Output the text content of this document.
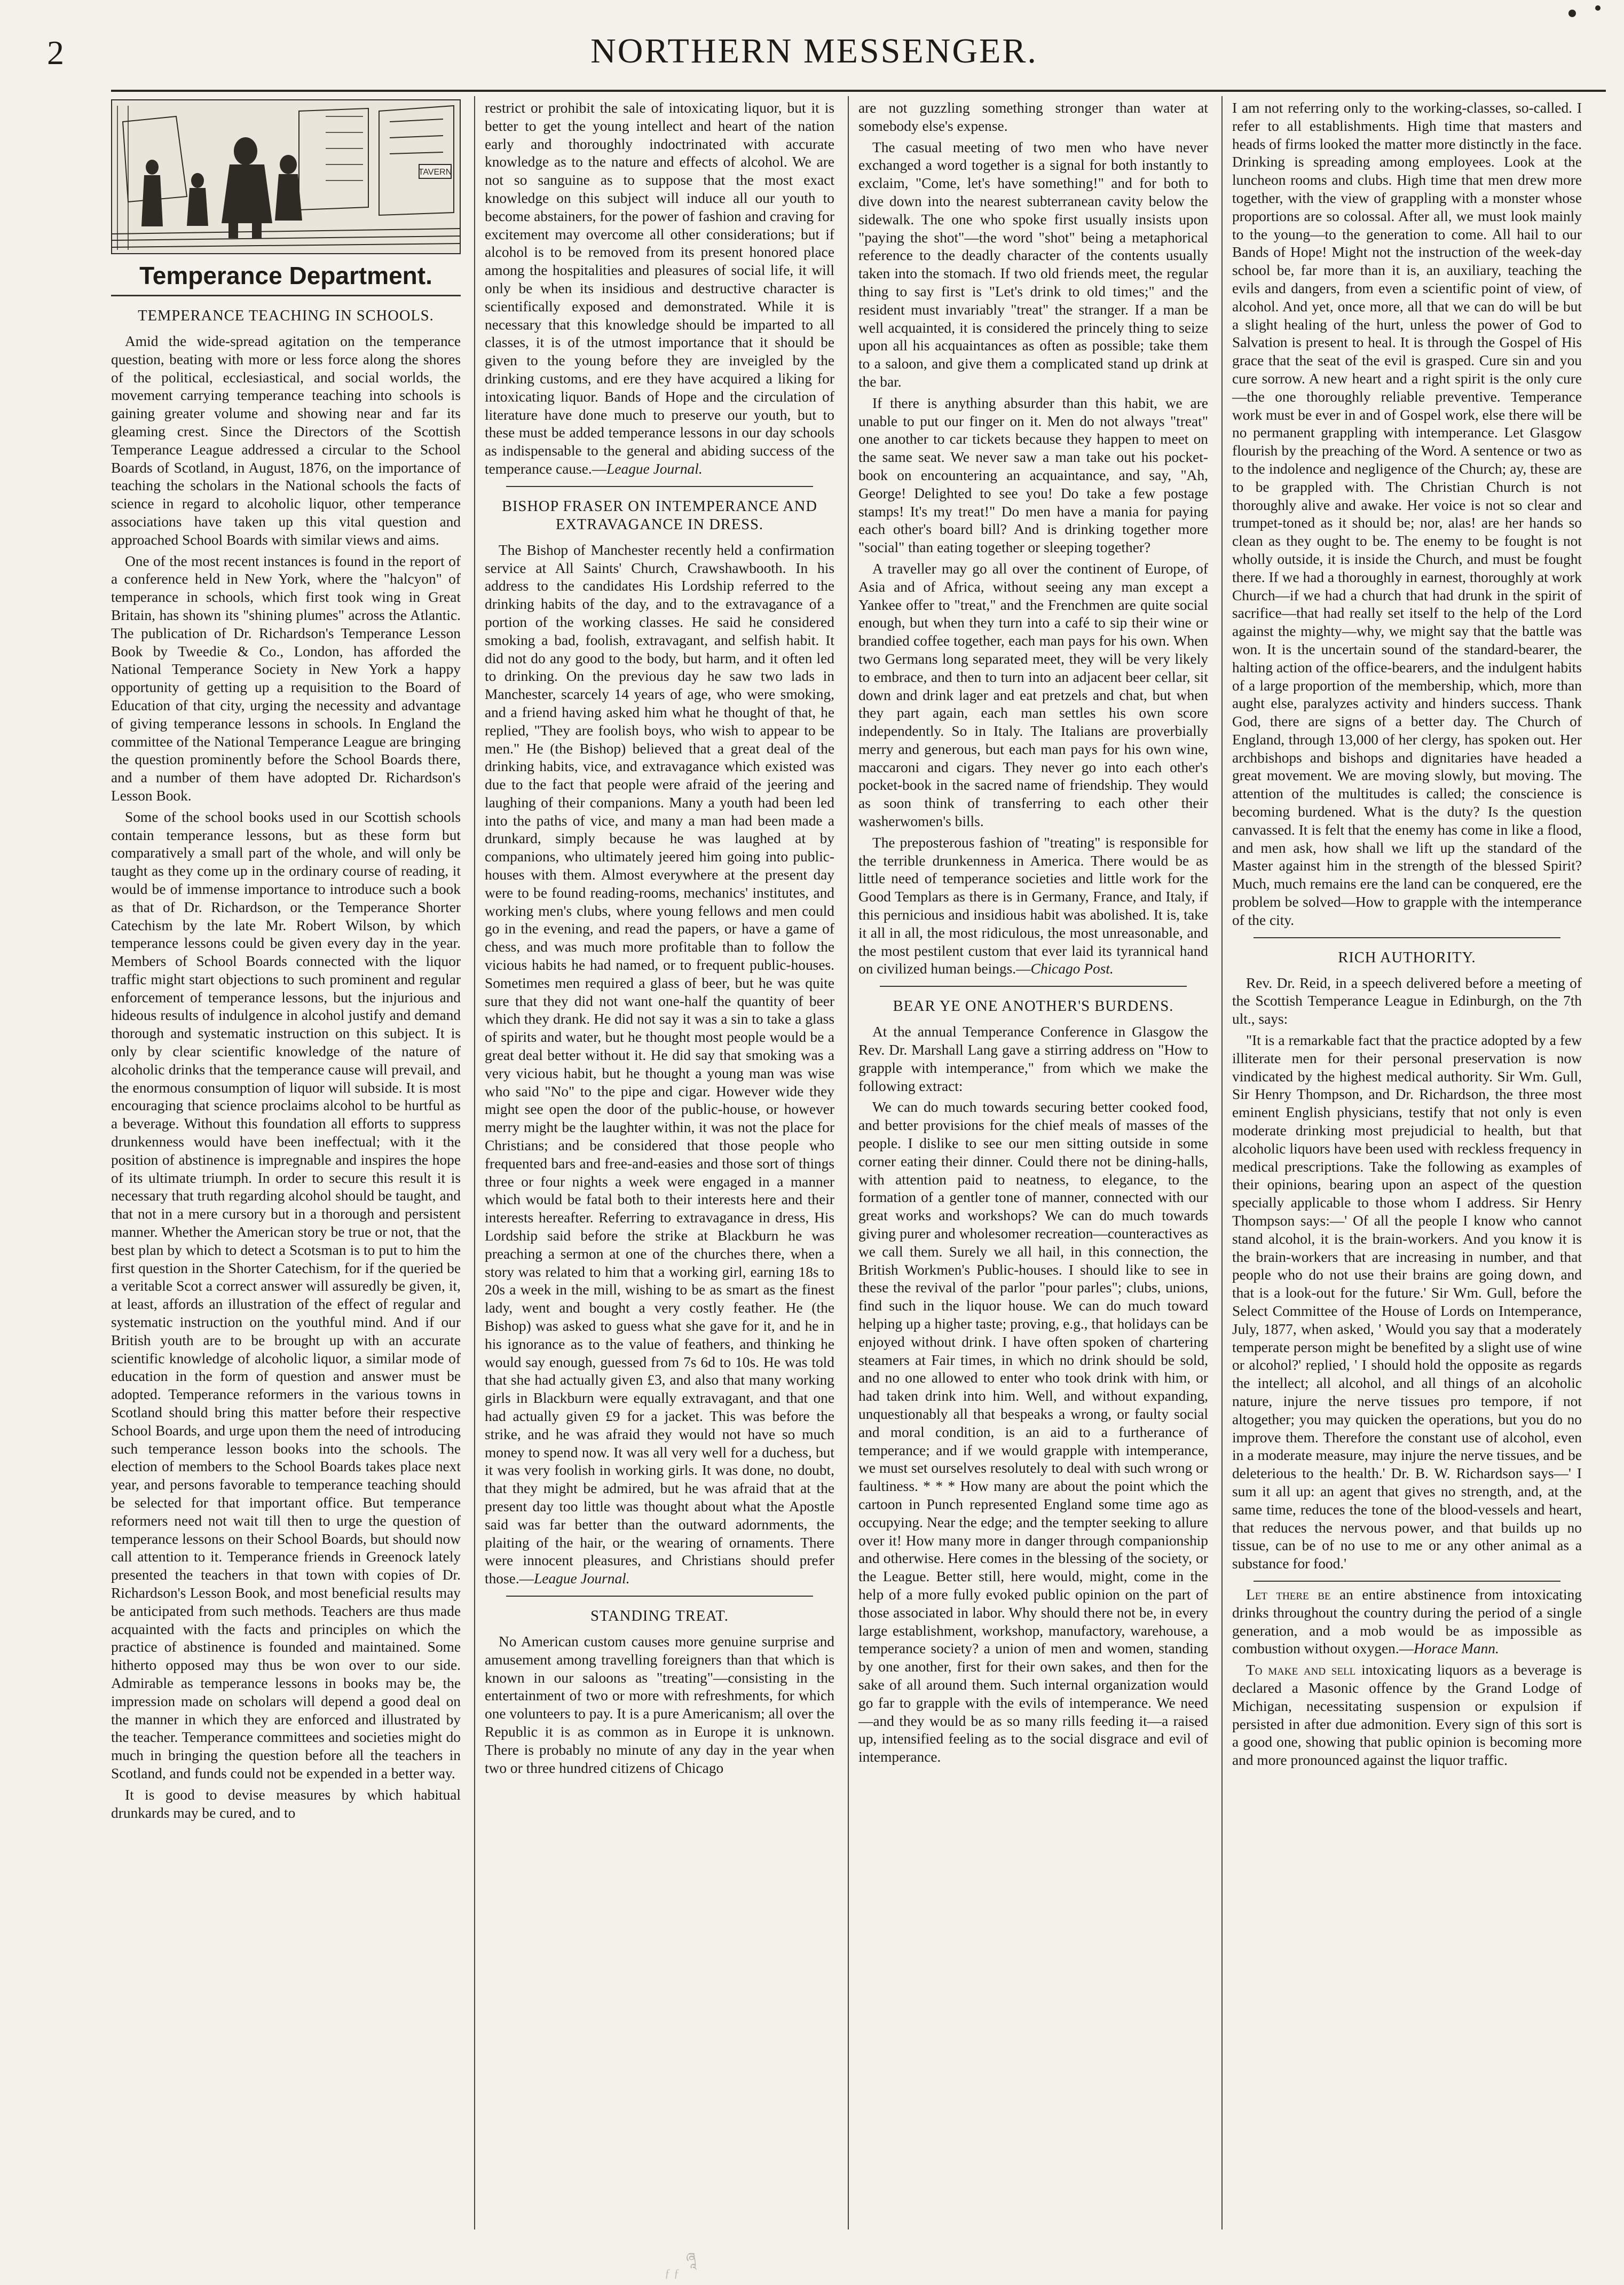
2	NORTHERN MESSENGER.
TAVERN
Temperance Department.
TEMPERANCE TEACHING IN SCHOOLS.

Amid the wide-spread agitation on the temperance question, beating with more or less force along the shores of the political, ecclesiastical, and social worlds, the movement carrying temperance teaching into schools is gaining greater volume and showing near and far its gleaming crest. Since the Directors of the Scottish Temperance League addressed a circular to the School Boards of Scotland, in August, 1876, on the importance of teaching the scholars in the National schools the facts of science in regard to alcoholic liquor, other temperance associations have taken up this vital question and approached School Boards with similar views and aims.

One of the most recent instances is found in the report of a conference held in New York, where the "halcyon" of temperance in schools, which first took wing in Great Britain, has shown its "shining plumes" across the Atlantic. The publication of Dr. Richardson's Temperance Lesson Book by Tweedie & Co., London, has afforded the National Temperance Society in New York a happy opportunity of getting up a requisition to the Board of Education of that city, urging the necessity and advantage of giving temperance lessons in schools. In England the committee of the National Temperance League are bringing the question prominently before the School Boards there, and a number of them have adopted Dr. Richardson's Lesson Book.

Some of the school books used in our Scottish schools contain temperance lessons, but as these form but comparatively a small part of the whole, and will only be taught as they come up in the ordinary course of reading, it would be of immense importance to introduce such a book as that of Dr. Richardson, or the Temperance Shorter Catechism by the late Mr. Robert Wilson, by which temperance lessons could be given every day in the year. Members of School Boards connected with the liquor traffic might start objections to such prominent and regular enforcement of temperance lessons, but the injurious and hideous results of indulgence in alcohol justify and demand thorough and systematic instruction on this subject. It is only by clear scientific knowledge of the nature of alcoholic drinks that the temperance cause will prevail, and the enormous consumption of liquor will subside. It is most encouraging that science proclaims alcohol to be hurtful as a beverage. Without this foundation all efforts to suppress drunkenness would have been ineffectual; with it the position of abstinence is impregnable and inspires the hope of its ultimate triumph. In order to secure this result it is necessary that truth regarding alcohol should be taught, and that not in a mere cursory but in a thorough and persistent manner. Whether the American story be true or not, that the best plan by which to detect a Scotsman is to put to him the first question in the Shorter Catechism, for if the queried be a veritable Scot a correct answer will assuredly be given, it, at least, affords an illustration of the effect of regular and systematic instruction on the youthful mind. And if our British youth are to be brought up with an accurate scientific knowledge of alcoholic liquor, a similar mode of education in the form of question and answer must be adopted. Temperance reformers in the various towns in Scotland should bring this matter before their respective School Boards, and urge upon them the need of introducing such temperance lesson books into the schools. The election of members to the School Boards takes place next year, and persons favorable to temperance teaching should be selected for that important office. But temperance reformers need not wait till then to urge the question of temperance lessons on their School Boards, but should now call attention to it. Temperance friends in Greenock lately presented the teachers in that town with copies of Dr. Richardson's Lesson Book, and most beneficial results may be anticipated from such methods. Teachers are thus made acquainted with the facts and principles on which the practice of abstinence is founded and maintained. Some hitherto opposed may thus be won over to our side. Admirable as temperance lessons in books may be, the impression made on scholars will depend a good deal on the manner in which they are enforced and illustrated by the teacher. Temperance committees and societies might do much in bringing the question before all the teachers in Scotland, and funds could not be expended in a better way.

It is good to devise measures by which habitual drunkards may be cured, and to

restrict or prohibit the sale of intoxicating liquor, but it is better to get the young intellect and heart of the nation early and thoroughly indoctrinated with accurate knowledge as to the nature and effects of alcohol. We are not so sanguine as to suppose that the most exact knowledge on this subject will induce all our youth to become abstainers, for the power of fashion and craving for excitement may overcome all other considerations; but if alcohol is to be removed from its present honored place among the hospitalities and pleasures of social life, it will only be when its insidious and destructive character is scientifically exposed and demonstrated. While it is necessary that this knowledge should be imparted to all classes, it is of the utmost importance that it should be given to the young before they are inveigled by the drinking customs, and ere they have acquired a liking for intoxicating liquor. Bands of Hope and the circulation of literature have done much to preserve our youth, but to these must be added temperance lessons in our day schools as indispensable to the general and abiding success of the temperance cause.—League Journal.

BISHOP FRASER ON INTEMPERANCE AND EXTRAVAGANCE IN DRESS.

The Bishop of Manchester recently held a confirmation service at All Saints' Church, Crawshawbooth. In his address to the candidates His Lordship referred to the drinking habits of the day, and to the extravagance of a portion of the working classes. He said he considered smoking a bad, foolish, extravagant, and selfish habit. It did not do any good to the body, but harm, and it often led to drinking. On the previous day he saw two lads in Manchester, scarcely 14 years of age, who were smoking, and a friend having asked him what he thought of that, he replied, "They are foolish boys, who wish to appear to be men." He (the Bishop) believed that a great deal of the drinking habits, vice, and extravagance which existed was due to the fact that people were afraid of the jeering and laughing of their companions. Many a youth had been led into the paths of vice, and many a man had been made a drunkard, simply because he was laughed at by companions, who ultimately jeered him going into public-houses with them. Almost everywhere at the present day were to be found reading-rooms, mechanics' institutes, and working men's clubs, where young fellows and men could go in the evening, and read the papers, or have a game of chess, and was much more profitable than to follow the vicious habits he had named, or to frequent public-houses. Sometimes men required a glass of beer, but he was quite sure that they did not want one-half the quantity of beer which they drank. He did not say it was a sin to take a glass of spirits and water, but he thought most people would be a great deal better without it. He did say that smoking was a very vicious habit, but he thought a young man was wise who said "No" to the pipe and cigar. However wide they might see open the door of the public-house, or however merry might be the laughter within, it was not the place for Christians; and be considered that those people who frequented bars and free-and-easies and those sort of things three or four nights a week were engaged in a manner which would be fatal both to their interests here and their interests hereafter. Referring to extravagance in dress, His Lordship said before the strike at Blackburn he was preaching a sermon at one of the churches there, when a story was related to him that a working girl, earning 18s to 20s a week in the mill, wishing to be as smart as the finest lady, went and bought a very costly feather. He (the Bishop) was asked to guess what she gave for it, and he in his ignorance as to the value of feathers, and thinking he would say enough, guessed from 7s 6d to 10s. He was told that she had actually given £3, and also that many working girls in Blackburn were equally extravagant, and that one had actually given £9 for a jacket. This was before the strike, and he was afraid they would not have so much money to spend now. It was all very well for a duchess, but it was very foolish in working girls. It was done, no doubt, that they might be admired, but he was afraid that at the present day too little was thought about what the Apostle said was far better than the outward adornments, the plaiting of the hair, or the wearing of ornaments. There were innocent pleasures, and Christians should prefer those.—League Journal.

STANDING TREAT.

No American custom causes more genuine surprise and amusement among travelling foreigners than that which is known in our saloons as "treating"—consisting in the entertainment of two or more with refreshments, for which one volunteers to pay. It is a pure Americanism; all over the Republic it is as common as in Europe it is unknown. There is probably no minute of any day in the year when two or three hundred citizens of Chicago

are not guzzling something stronger than water at somebody else's expense.

The casual meeting of two men who have never exchanged a word together is a signal for both instantly to exclaim, "Come, let's have something!" and for both to dive down into the nearest subterranean cavity below the sidewalk. The one who spoke first usually insists upon "paying the shot"—the word "shot" being a metaphorical reference to the deadly character of the contents usually taken into the stomach. If two old friends meet, the regular thing to say first is "Let's drink to old times;" and the resident must invariably "treat" the stranger. If a man be well acquainted, it is considered the princely thing to seize upon all his acquaintances as often as possible; take them to a saloon, and give them a complicated stand up drink at the bar.

If there is anything absurder than this habit, we are unable to put our finger on it. Men do not always "treat" one another to car tickets because they happen to meet on the same seat. We never saw a man take out his pocket-book on encountering an acquaintance, and say, "Ah, George! Delighted to see you! Do take a few postage stamps! It's my treat!" Do men have a mania for paying each other's board bill? And is drinking together more "social" than eating together or sleeping together?

A traveller may go all over the continent of Europe, of Asia and of Africa, without seeing any man except a Yankee offer to "treat," and the Frenchmen are quite social enough, but when they turn into a café to sip their wine or brandied coffee together, each man pays for his own. When two Germans long separated meet, they will be very likely to embrace, and then to turn into an adjacent beer cellar, sit down and drink lager and eat pretzels and chat, but when they part again, each man settles his own score independently. So in Italy. The Italians are proverbially merry and generous, but each man pays for his own wine, maccaroni and cigars. They never go into each other's pocket-book in the sacred name of friendship. They would as soon think of transferring to each other their washerwomen's bills.

The preposterous fashion of "treating" is responsible for the terrible drunkenness in America. There would be as little need of temperance societies and little work for the Good Templars as there is in Germany, France, and Italy, if this pernicious and insidious habit was abolished. It is, take it all in all, the most ridiculous, the most unreasonable, and the most pestilent custom that ever laid its tyrannical hand on civilized human beings.—Chicago Post.

BEAR YE ONE ANOTHER'S BURDENS.

At the annual Temperance Conference in Glasgow the Rev. Dr. Marshall Lang gave a stirring address on "How to grapple with intemperance," from which we make the following extract:

We can do much towards securing better cooked food, and better provisions for the chief meals of masses of the people. I dislike to see our men sitting outside in some corner eating their dinner. Could there not be dining-halls, with attention paid to neatness, to elegance, to the formation of a gentler tone of manner, connected with our great works and workshops? We can do much towards giving purer and wholesomer recreation—counteractives as we call them. Surely we all hail, in this connection, the British Workmen's Public-houses. I should like to see in these the revival of the parlor "pour parles"; clubs, unions, find such in the liquor house. We can do much toward helping up a higher taste; proving, e.g., that holidays can be enjoyed without drink. I have often spoken of chartering steamers at Fair times, in which no drink should be sold, and no one allowed to enter who took drink with him, or had taken drink into him. Well, and without expanding, unquestionably all that bespeaks a wrong, or faulty social and moral condition, is an aid to a furtherance of temperance; and if we would grapple with intemperance, we must set ourselves resolutely to deal with such wrong or faultiness. * * * How many are about the point which the cartoon in Punch represented England some time ago as occupying. Near the edge; and the tempter seeking to allure over it! How many more in danger through companionship and otherwise. Here comes in the blessing of the society, or the League. Better still, here would, might, come in the help of a more fully evoked public opinion on the part of those associated in labor. Why should there not be, in every large establishment, workshop, manufactory, warehouse, a temperance society? a union of men and women, standing by one another, first for their own sakes, and then for the sake of all around them. Such internal organization would go far to grapple with the evils of intemperance. We need—and they would be as so many rills feeding it—a raised up, intensified feeling as to the social disgrace and evil of intemperance.

I am not referring only to the working-classes, so-called. I refer to all establishments. High time that masters and heads of firms looked the matter more distinctly in the face. Drinking is spreading among employees. Look at the luncheon rooms and clubs. High time that men drew more together, with the view of grappling with a monster whose proportions are so colossal. After all, we must look mainly to the young—to the generation to come. All hail to our Bands of Hope! Might not the instruction of the week-day school be, far more than it is, an auxiliary, teaching the evils and dangers, from even a scientific point of view, of alcohol. And yet, once more, all that we can do will be but a slight healing of the hurt, unless the power of God to Salvation is present to heal. It is through the Gospel of His grace that the seat of the evil is grasped. Cure sin and you cure sorrow. A new heart and a right spirit is the only cure—the one thoroughly reliable preventive. Temperance work must be ever in and of Gospel work, else there will be no permanent grappling with intemperance. Let Glasgow flourish by the preaching of the Word. A sentence or two as to the indolence and negligence of the Church; ay, these are to be grappled with. The Christian Church is not thoroughly alive and awake. Her voice is not so clear and trumpet-toned as it should be; nor, alas! are her hands so clean as they ought to be. The enemy to be fought is not wholly outside, it is inside the Church, and must be fought there. If we had a thoroughly in earnest, thoroughly at work Church—if we had a church that had drunk in the spirit of sacrifice—that had really set itself to the help of the Lord against the mighty—why, we might say that the battle was won. It is the uncertain sound of the standard-bearer, the halting action of the office-bearers, and the indulgent habits of a large proportion of the membership, which, more than aught else, paralyzes activity and hinders success. Thank God, there are signs of a better day. The Church of England, through 13,000 of her clergy, has spoken out. Her archbishops and bishops and dignitaries have headed a great movement. We are moving slowly, but moving. The attention of the multitudes is called; the conscience is becoming burdened. What is the duty? Is the question canvassed. It is felt that the enemy has come in like a flood, and men ask, how shall we lift up the standard of the Master against him in the strength of the blessed Spirit? Much, much remains ere the land can be conquered, ere the problem be solved—How to grapple with the intemperance of the city.

RICH AUTHORITY.

Rev. Dr. Reid, in a speech delivered before a meeting of the Scottish Temperance League in Edinburgh, on the 7th ult., says:

"It is a remarkable fact that the practice adopted by a few illiterate men for their personal preservation is now vindicated by the highest medical authority. Sir Wm. Gull, Sir Henry Thompson, and Dr. Richardson, the three most eminent English physicians, testify that not only is even moderate drinking most prejudicial to health, but that alcoholic liquors have been used with reckless frequency in medical prescriptions. Take the following as examples of their opinions, bearing upon an aspect of the question specially applicable to those whom I address. Sir Henry Thompson says:—' Of all the people I know who cannot stand alcohol, it is the brain-workers. And you know it is the brain-workers that are increasing in number, and that people who do not use their brains are going down, and that is a look-out for the future.' Sir Wm. Gull, before the Select Committee of the House of Lords on Intemperance, July, 1877, when asked, ' Would you say that a moderately temperate person might be benefited by a slight use of wine or alcohol?' replied, ' I should hold the opposite as regards the intellect; all alcohol, and all things of an alcoholic nature, injure the nerve tissues pro tempore, if not altogether; you may quicken the operations, but you do no improve them. Therefore the constant use of alcohol, even in a moderate measure, may injure the nerve tissues, and be deleterious to the health.' Dr. B. W. Richardson says—' I sum it all up: an agent that gives no strength, and, at the same time, reduces the tone of the blood-vessels and heart, that reduces the nervous power, and that builds up no tissue, can be of no use to me or any other animal as a substance for food.'

Let there be an entire abstinence from intoxicating drinks throughout the country during the period of a single generation, and a mob would be as impossible as combustion without oxygen.—Horace Mann.

To make and sell intoxicating liquors as a beverage is declared a Masonic offence by the Grand Lodge of Michigan, necessitating suspension or expulsion if persisted in after due admonition. Every sign of this sort is a good one, showing that public opinion is becoming more and more pronounced against the liquor traffic.

ཞཱ
ƒƒ
